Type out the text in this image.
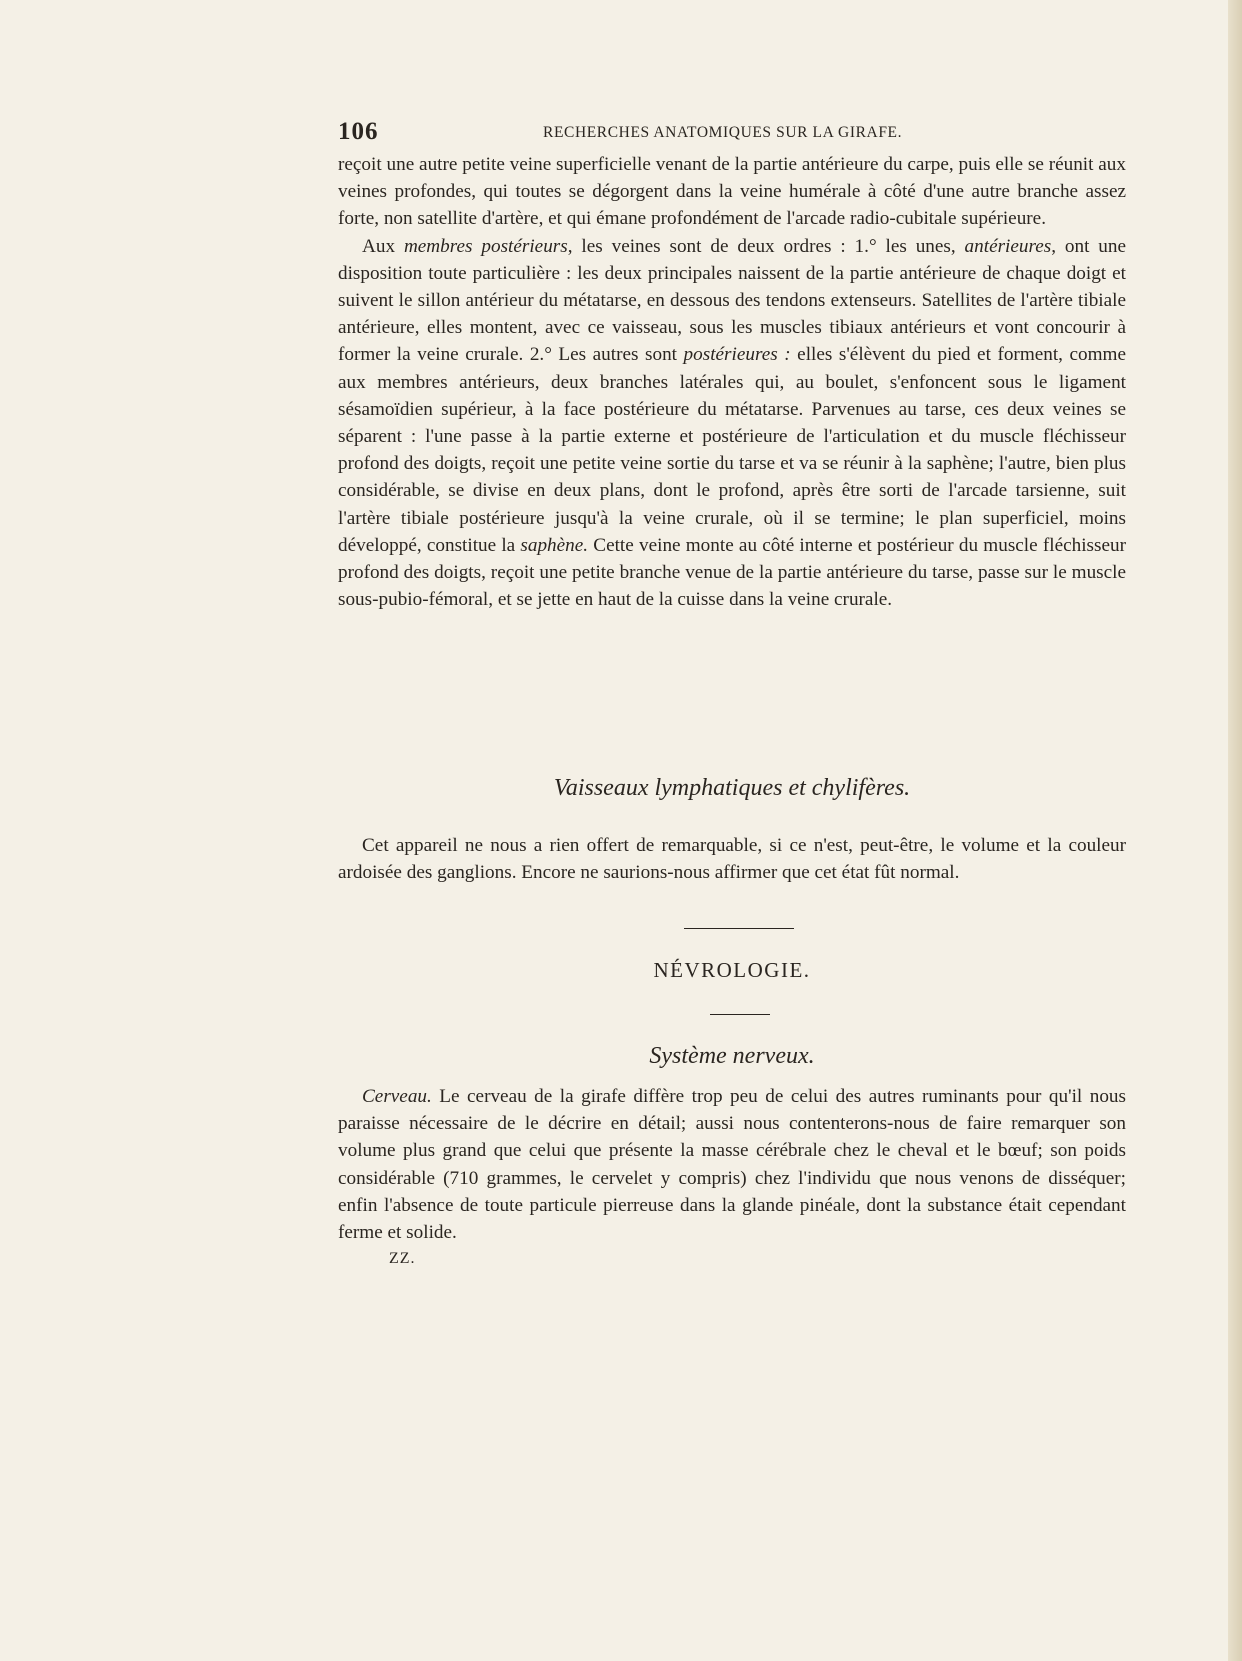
106	RECHERCHES ANATOMIQUES SUR LA GIRAFE.

reçoit une autre petite veine superficielle venant de la partie antérieure du carpe, puis elle se réunit aux veines profondes, qui toutes se dégorgent dans la veine humérale à côté d'une autre branche assez forte, non satellite d'artère, et qui émane profondément de l'arcade radio-cubitale supérieure.

Aux membres postérieurs, les veines sont de deux ordres : 1.° les unes, antérieures, ont une disposition toute particulière : les deux principales naissent de la partie antérieure de chaque doigt et suivent le sillon antérieur du métatarse, en dessous des tendons extenseurs. Satellites de l'artère tibiale antérieure, elles montent, avec ce vaisseau, sous les muscles tibiaux antérieurs et vont concourir à former la veine crurale. 2.° Les autres sont postérieures : elles s'élèvent du pied et forment, comme aux membres antérieurs, deux branches latérales qui, au boulet, s'enfoncent sous le ligament sésamoïdien supérieur, à la face postérieure du métatarse. Parvenues au tarse, ces deux veines se séparent : l'une passe à la partie externe et postérieure de l'articulation et du muscle fléchisseur profond des doigts, reçoit une petite veine sortie du tarse et va se réunir à la saphène; l'autre, bien plus considérable, se divise en deux plans, dont le profond, après être sorti de l'arcade tarsienne, suit l'artère tibiale postérieure jusqu'à la veine crurale, où il se termine; le plan superficiel, moins développé, constitue la saphène. Cette veine monte au côté interne et postérieur du muscle fléchisseur profond des doigts, reçoit une petite branche venue de la partie antérieure du tarse, passe sur le muscle sous-pubio-fémoral, et se jette en haut de la cuisse dans la veine crurale.

Vaisseaux lymphatiques et chylifères.

Cet appareil ne nous a rien offert de remarquable, si ce n'est, peut-être, le volume et la couleur ardoisée des ganglions. Encore ne saurions-nous affirmer que cet état fût normal.

NÉVROLOGIE.
Système nerveux.

Cerveau. Le cerveau de la girafe diffère trop peu de celui des autres ruminants pour qu'il nous paraisse nécessaire de le décrire en détail; aussi nous contenterons-nous de faire remarquer son volume plus grand que celui que présente la masse cérébrale chez le cheval et le bœuf; son poids considérable (710 grammes, le cervelet y compris) chez l'individu que nous venons de disséquer; enfin l'absence de toute particule pierreuse dans la glande pinéale, dont la substance était cependant ferme et solide.

ZZ.
